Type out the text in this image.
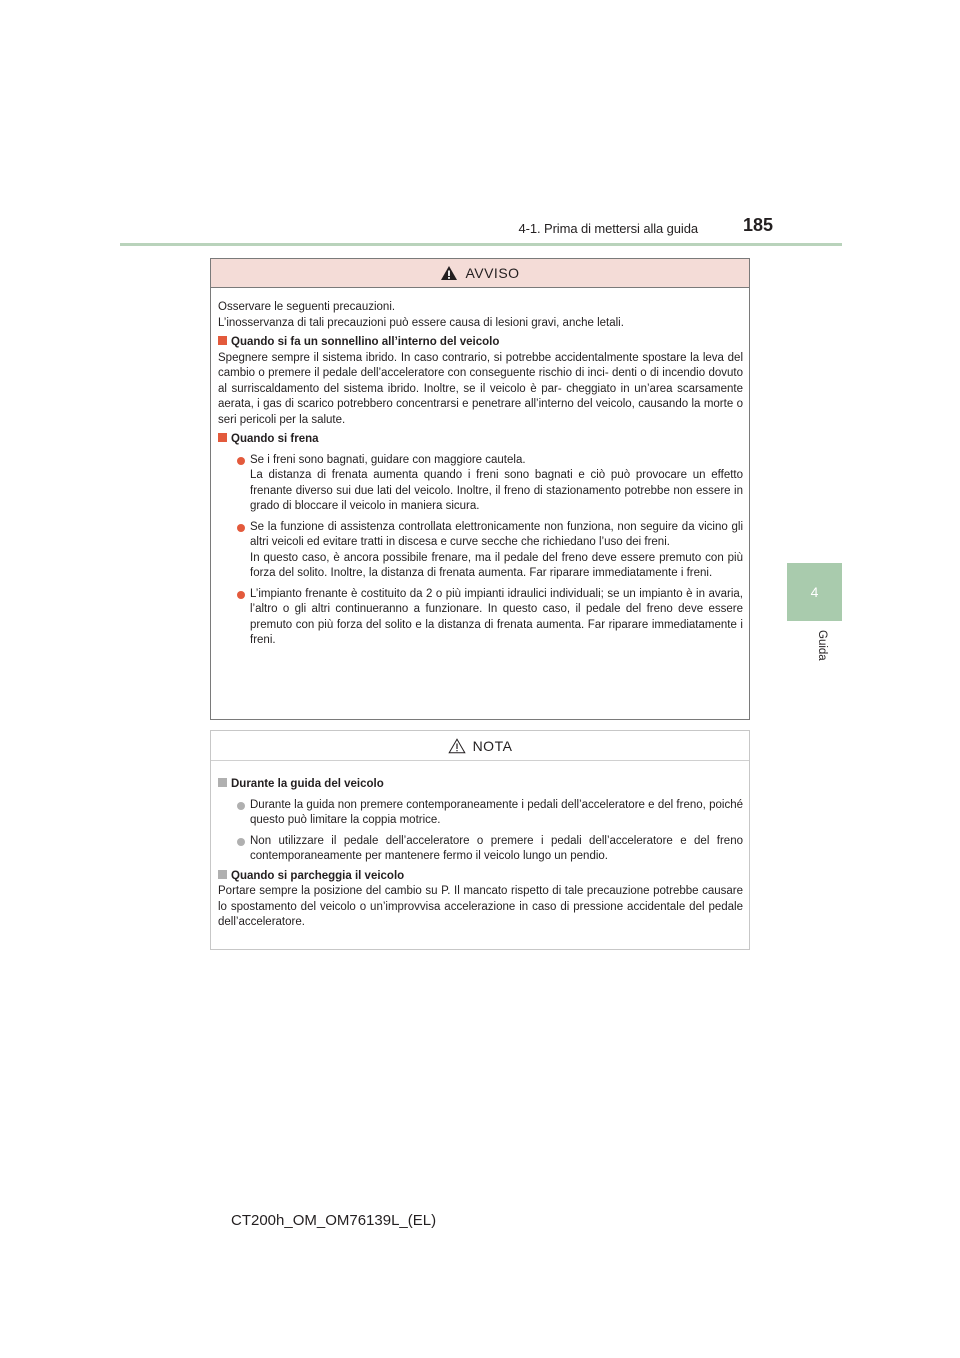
4-1. Prima di mettersi alla guida	185
4
Guida
AVVISO

Osservare le seguenti precauzioni.

L’inosservanza di tali precauzioni può essere causa di lesioni gravi, anche letali.

Quando si fa un sonnellino all’interno del veicolo

Spegnere sempre il sistema ibrido. In caso contrario, si potrebbe accidentalmente spostare la leva del cambio o premere il pedale dell’acceleratore con conseguente rischio di inci- denti o di incendio dovuto al surriscaldamento del sistema ibrido. Inoltre, se il veicolo è par- cheggiato in un’area scarsamente aerata, i gas di scarico potrebbero concentrarsi e penetrare all’interno del veicolo, causando la morte o seri pericoli per la salute.

Quando si frena
Se i freni sono bagnati, guidare con maggiore cautela.
La distanza di frenata aumenta quando i freni sono bagnati e ciò può provocare un effetto frenante diverso sui due lati del veicolo. Inoltre, il freno di stazionamento potrebbe non essere in grado di bloccare il veicolo in maniera sicura.
Se la funzione di assistenza controllata elettronicamente non funziona, non seguire da vicino gli altri veicoli ed evitare tratti in discesa e curve secche che richiedano l’uso dei freni.
In questo caso, è ancora possibile frenare, ma il pedale del freno deve essere premuto con più forza del solito. Inoltre, la distanza di frenata aumenta. Far riparare immediatamente i freni.
L’impianto frenante è costituito da 2 o più impianti idraulici individuali; se un impianto è in avaria, l’altro o gli altri continueranno a funzionare. In questo caso, il pedale del freno deve essere premuto con più forza del solito e la distanza di frenata aumenta. Far riparare immediatamente i freni.
NOTA
Durante la guida del veicolo
Durante la guida non premere contemporaneamente i pedali dell’acceleratore e del freno, poiché questo può limitare la coppia motrice.
Non utilizzare il pedale dell’acceleratore o premere i pedali dell’acceleratore e del freno contemporaneamente per mantenere fermo il veicolo lungo un pendio.
Quando si parcheggia il veicolo

Portare sempre la posizione del cambio su P. Il mancato rispetto di tale precauzione potrebbe causare lo spostamento del veicolo o un’improvvisa accelerazione in caso di pressione accidentale del pedale dell’acceleratore.

CT200h_OM_OM76139L_(EL)
